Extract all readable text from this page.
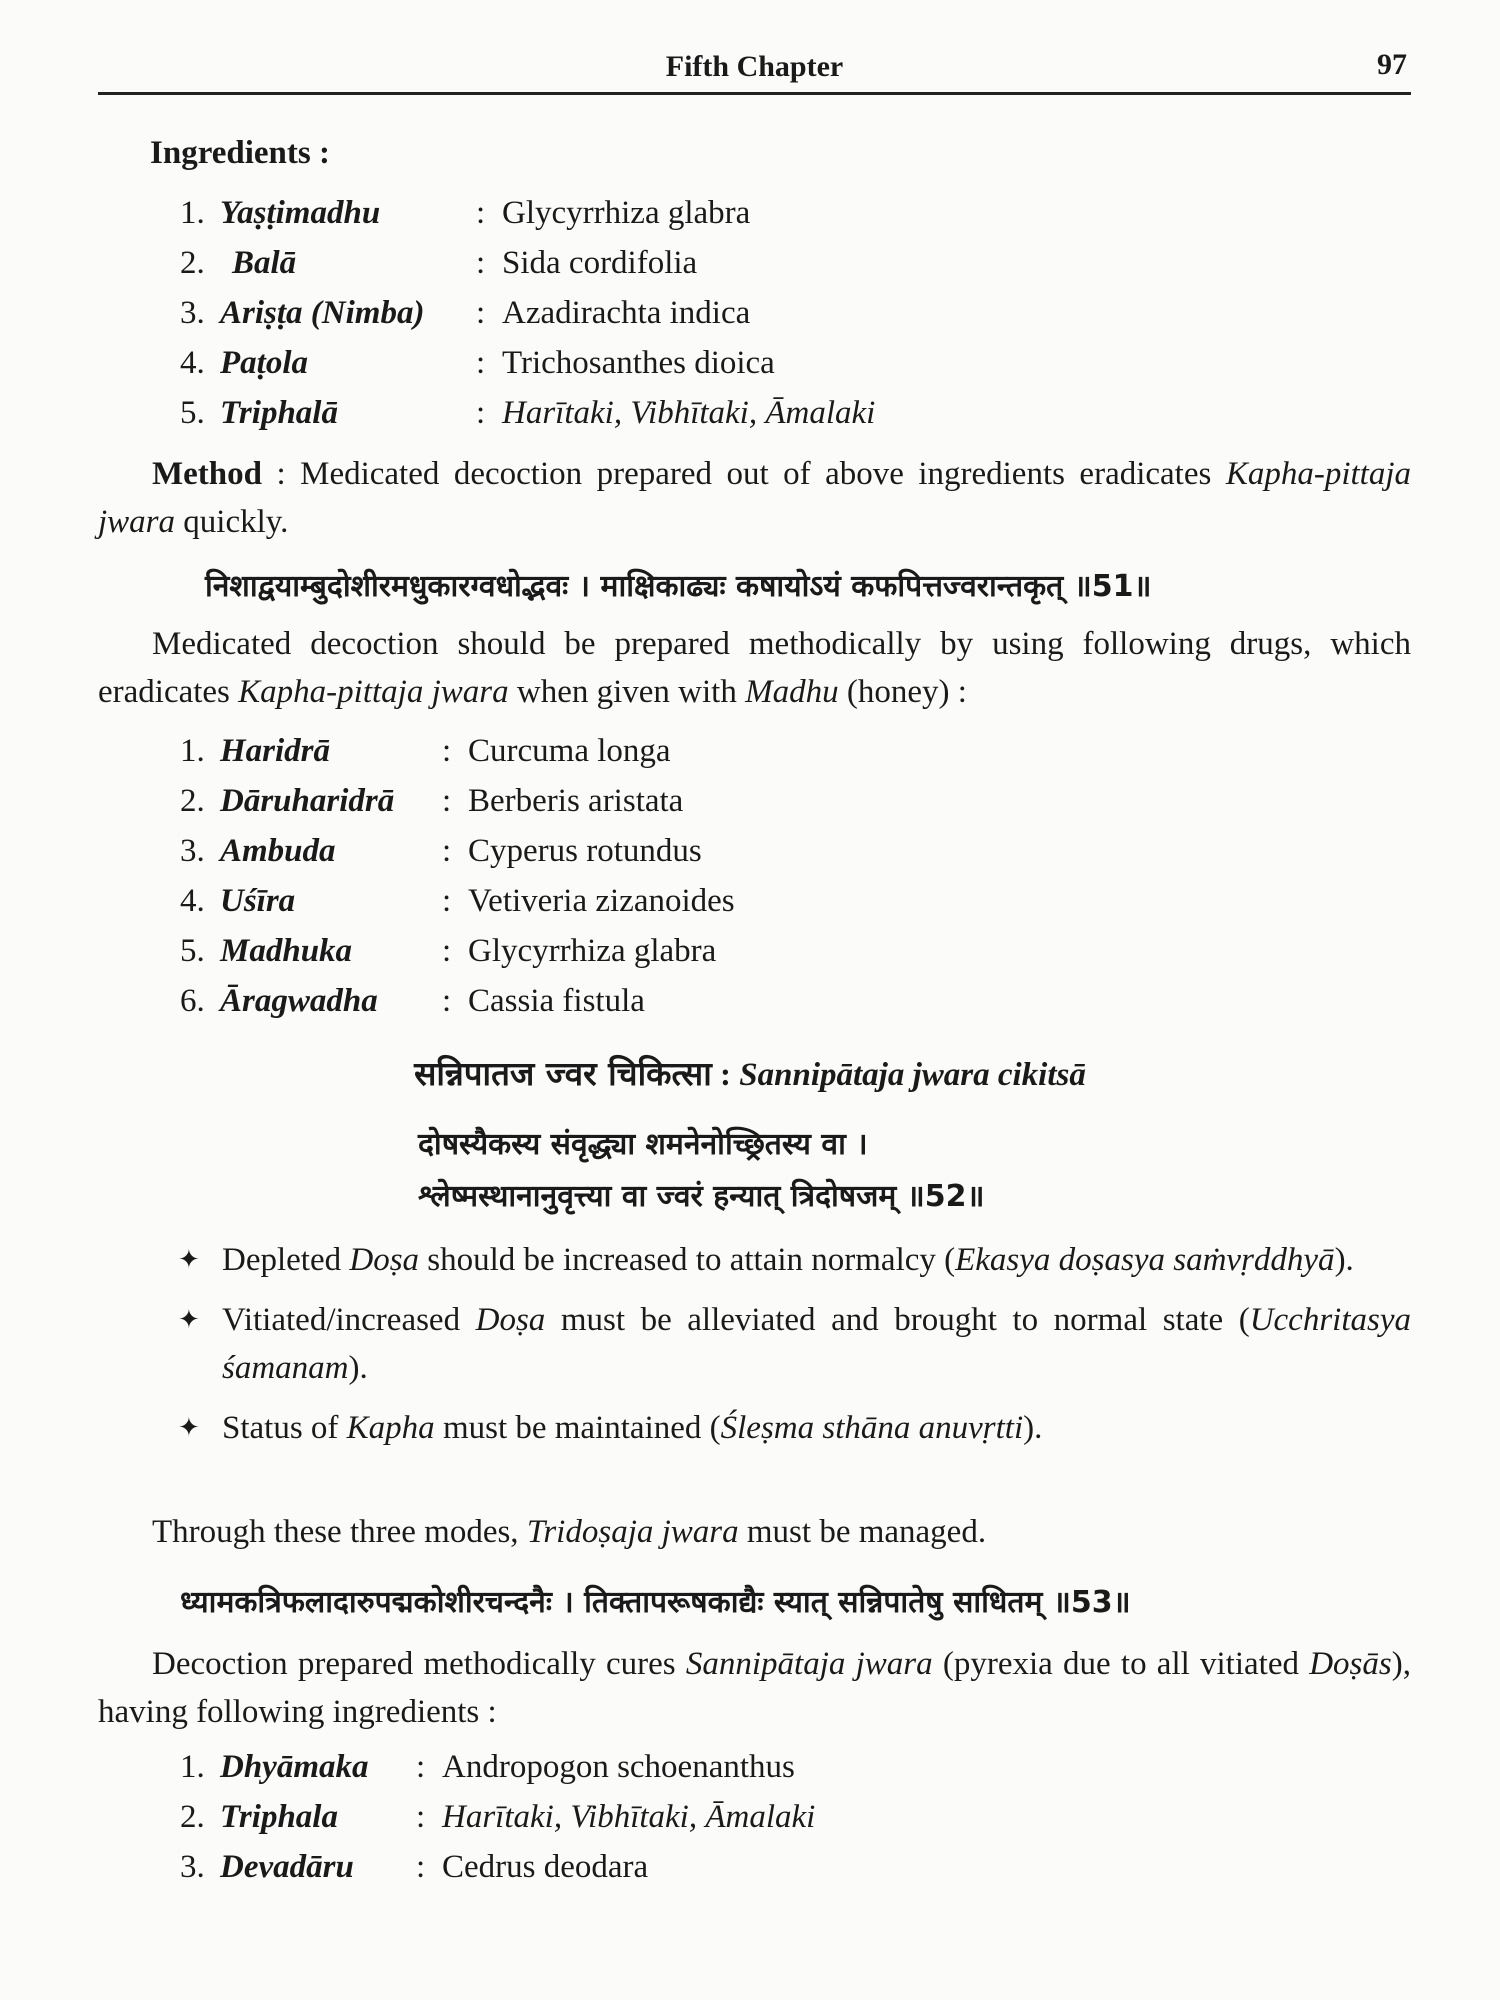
Fifth Chapter	97
Ingredients :
1. Yaṣṭimadhu	: Glycyrrhiza glabra
2. Balā	: Sida cordifolia
3. Ariṣṭa (Nimba) : Azadirachta indica
4. Paṭola	: Trichosanthes dioica
5. Triphalā	: Harītaki, Vibhītaki, Āmalaki
Method : Medicated decoction prepared out of above ingredients eradicates Kapha-pittaja jwara quickly.
निशाद्वयाम्बुदोशीरमधुकारग्वधोद्भवः । माक्षिकाढ्यः कषायोऽयं कफपित्तज्वरान्तकृत् ॥51॥
Medicated decoction should be prepared methodically by using following drugs, which eradicates Kapha-pittaja jwara when given with Madhu (honey) :
1. Haridrā	: Curcuma longa
2. Dāruharidrā : Berberis aristata
3. Ambuda	: Cyperus rotundus
4. Uśīra	: Vetiveria zizanoides
5. Madhuka	: Glycyrrhiza glabra
6. Āragwadha : Cassia fistula
सन्निपातज ज्वर चिकित्सा : Sannipātaja jwara cikitsā
दोषस्यैकस्य संवृद्ध्या शमनेनोच्छ्रितस्य वा ।
श्लेष्मस्थानानुवृत्त्या वा ज्वरं हन्यात् त्रिदोषजम् ॥52॥
✦ Depleted Doṣa should be increased to attain normalcy (Ekasya doṣasya saṁvṛddhyā).
✦ Vitiated/increased Doṣa must be alleviated and brought to normal state (Ucchritasya śamanam).
✦ Status of Kapha must be maintained (Śleṣma sthāna anuvṛtti).
Through these three modes, Tridoṣaja jwara must be managed.
ध्यामकत्रिफलादारुपद्मकोशीरचन्दनैः । तिक्तापरूषकाद्यैः स्यात् सन्निपातेषु साधितम् ॥53॥
Decoction prepared methodically cures Sannipātaja jwara (pyrexia due to all vitiated Doṣās), having following ingredients :
1. Dhyāmaka : Andropogon schoenanthus
2. Triphala : Harītaki, Vibhītaki, Āmalaki
3. Devadāru : Cedrus deodara
